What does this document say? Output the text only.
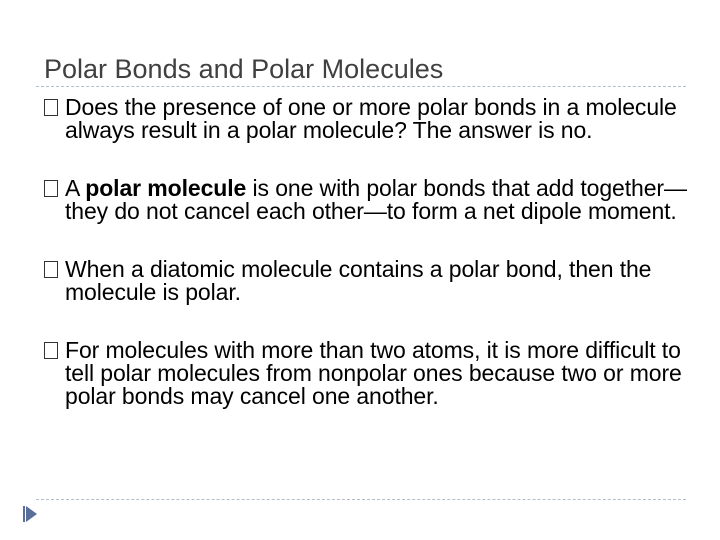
Polar Bonds and Polar Molecules
Does the presence of one or more polar bonds in a molecule always result in a polar molecule? The answer is no.
A polar molecule is one with polar bonds that add together—they do not cancel each other—to form a net dipole moment.
When a diatomic molecule contains a polar bond, then the molecule is polar.
For molecules with more than two atoms, it is more difficult to tell polar molecules from nonpolar ones because two or more polar bonds may cancel one another.
